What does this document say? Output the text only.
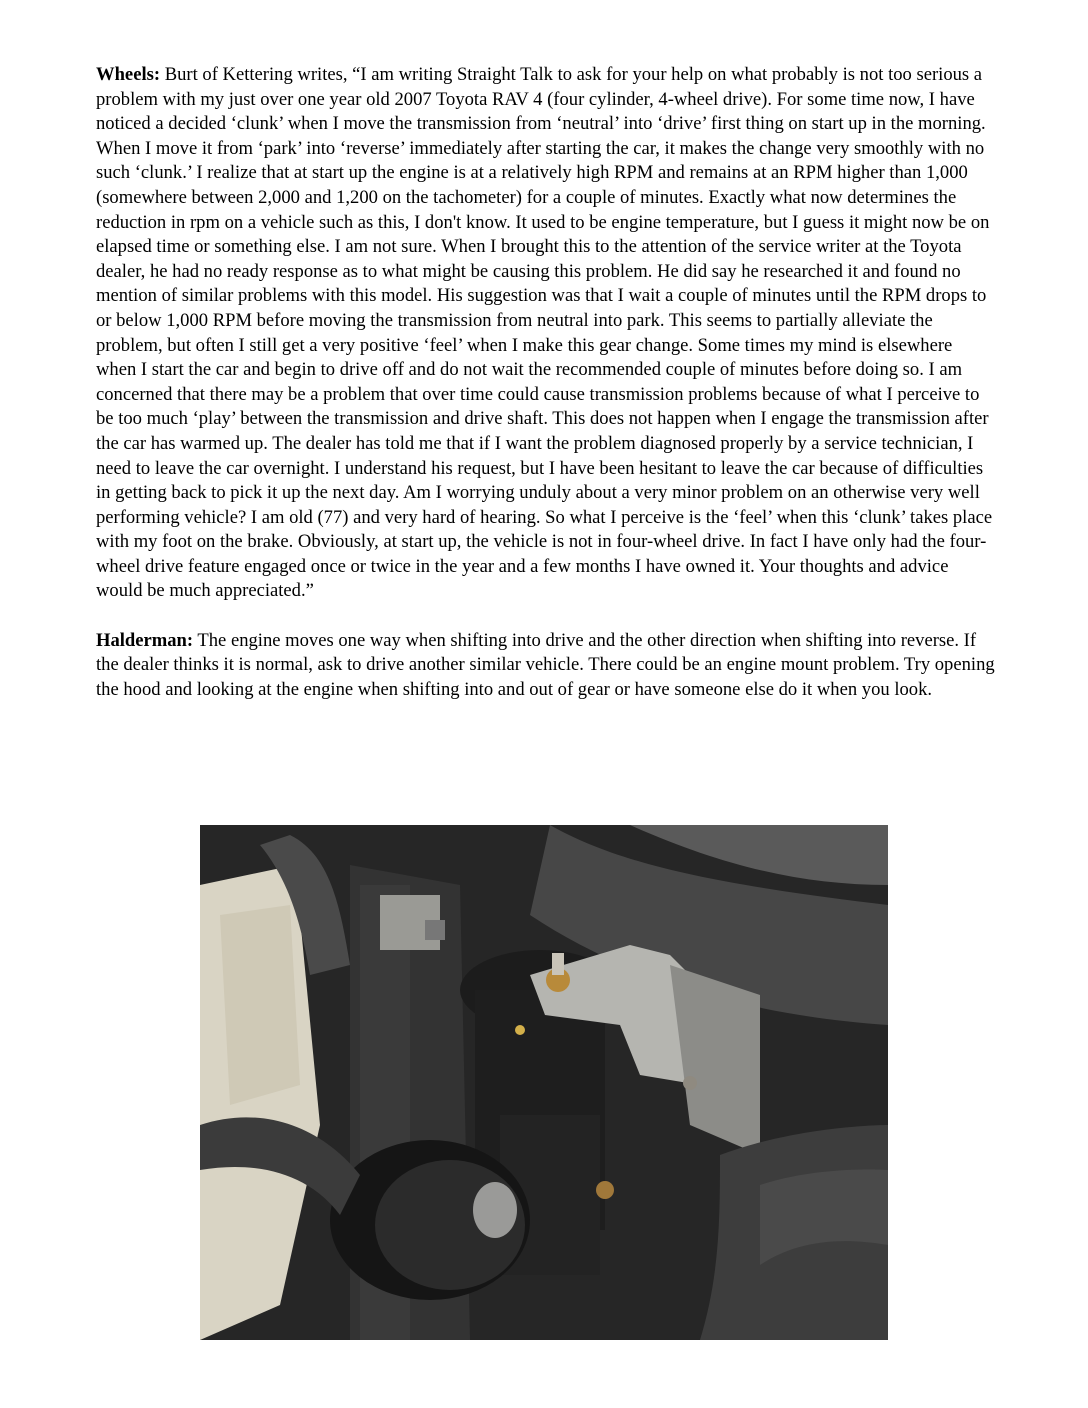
Wheels: Burt of Kettering writes, “I am writing Straight Talk to ask for your help on what probably is not too serious a problem with my just over one year old 2007 Toyota RAV 4 (four cylinder, 4-wheel drive). For some time now, I have noticed a decided ‘clunk’ when I move the transmission from ‘neutral’ into ‘drive’ first thing on start up in the morning. When I move it from ‘park’ into ‘reverse’ immediately after starting the car, it makes the change very smoothly with no such ‘clunk.’ I realize that at start up the engine is at a relatively high RPM and remains at an RPM higher than 1,000 (somewhere between 2,000 and 1,200 on the tachometer) for a couple of minutes. Exactly what now determines the reduction in rpm on a vehicle such as this, I don't know. It used to be engine temperature, but I guess it might now be on elapsed time or something else. I am not sure. When I brought this to the attention of the service writer at the Toyota dealer, he had no ready response as to what might be causing this problem. He did say he researched it and found no mention of similar problems with this model. His suggestion was that I wait a couple of minutes until the RPM drops to or below 1,000 RPM before moving the transmission from neutral into park. This seems to partially alleviate the problem, but often I still get a very positive ‘feel’ when I make this gear change. Some times my mind is elsewhere when I start the car and begin to drive off and do not wait the recommended couple of minutes before doing so. I am concerned that there may be a problem that over time could cause transmission problems because of what I perceive to be too much ‘play’ between the transmission and drive shaft. This does not happen when I engage the transmission after the car has warmed up. The dealer has told me that if I want the problem diagnosed properly by a service technician, I need to leave the car overnight. I understand his request, but I have been hesitant to leave the car because of difficulties in getting back to pick it up the next day. Am I worrying unduly about a very minor problem on an otherwise very well performing vehicle? I am old (77) and very hard of hearing. So what I perceive is the ‘feel’ when this ‘clunk’ takes place with my foot on the brake. Obviously, at start up, the vehicle is not in four-wheel drive. In fact I have only had the four-wheel drive feature engaged once or twice in the year and a few months I have owned it. Your thoughts and advice would be much appreciated.”

Halderman: The engine moves one way when shifting into drive and the other direction when shifting into reverse. If the dealer thinks it is normal, ask to drive another similar vehicle. There could be an engine mount problem. Try opening the hood and looking at the engine when shifting into and out of gear or have someone else do it when you look.
